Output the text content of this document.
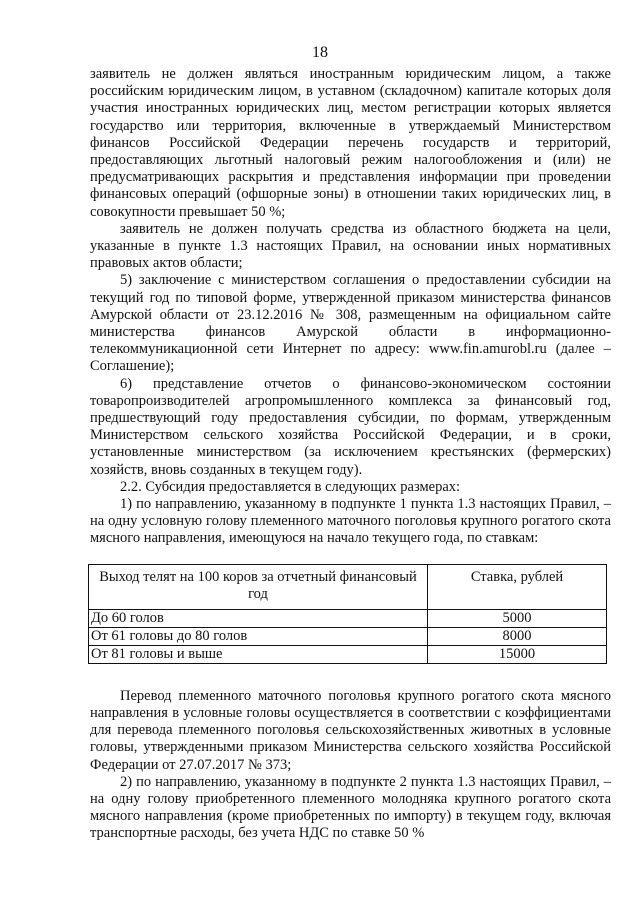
18

заявитель не должен являться иностранным юридическим лицом, а также российским юридическим лицом, в уставном (складочном) капитале которых доля участия иностранных юридических лиц, местом регистрации которых является государство или территория, включенные в утверждаемый Министерством финансов Российской Федерации перечень государств и территорий, предоставляющих льготный налоговый режим налогообложения и (или) не предусматривающих раскрытия и представления информации при проведении финансовых операций (офшорные зоны) в отношении таких юридических лиц, в совокупности превышает 50 %;

заявитель не должен получать средства из областного бюджета на цели, указанные в пункте 1.3 настоящих Правил, на основании иных нормативных правовых актов области;

5) заключение с министерством соглашения о предоставлении субсидии на текущий год по типовой форме, утвержденной приказом министерства финансов Амурской области от 23.12.2016 № 308, размещенным на официальном сайте министерства финансов Амурской области в информационно-телекоммуникационной сети Интернет по адресу: www.fin.amurobl.ru (далее – Соглашение);

6) представление отчетов о финансово-экономическом состоянии товаропроизводителей агропромышленного комплекса за финансовый год, предшествующий году предоставления субсидии, по формам, утвержденным Министерством сельского хозяйства Российской Федерации, и в сроки, установленные министерством (за исключением крестьянских (фермерских) хозяйств, вновь созданных в текущем году).

2.2. Субсидия предоставляется в следующих размерах:

1) по направлению, указанному в подпункте 1 пункта 1.3 настоящих Правил, – на одну условную голову племенного маточного поголовья крупного рогатого скота мясного направления, имеющуюся на начало текущего года, по ставкам:

Выход телят на 100 коров за отчетный финансовый год	Ставка, рублей
До 60 голов	5000
От 61 головы до 80 голов	8000
От 81 головы и выше	15000

Перевод племенного маточного поголовья крупного рогатого скота мясного направления в условные головы осуществляется в соответствии с коэффициентами для перевода племенного поголовья сельскохозяйственных животных в условные головы, утвержденными приказом Министерства сельского хозяйства Российской Федерации от 27.07.2017 № 373;

2) по направлению, указанному в подпункте 2 пункта 1.3 настоящих Правил, – на одну голову приобретенного племенного молодняка крупного рогатого скота мясного направления (кроме приобретенных по импорту) в текущем году, включая транспортные расходы, без учета НДС по ставке 50 %
